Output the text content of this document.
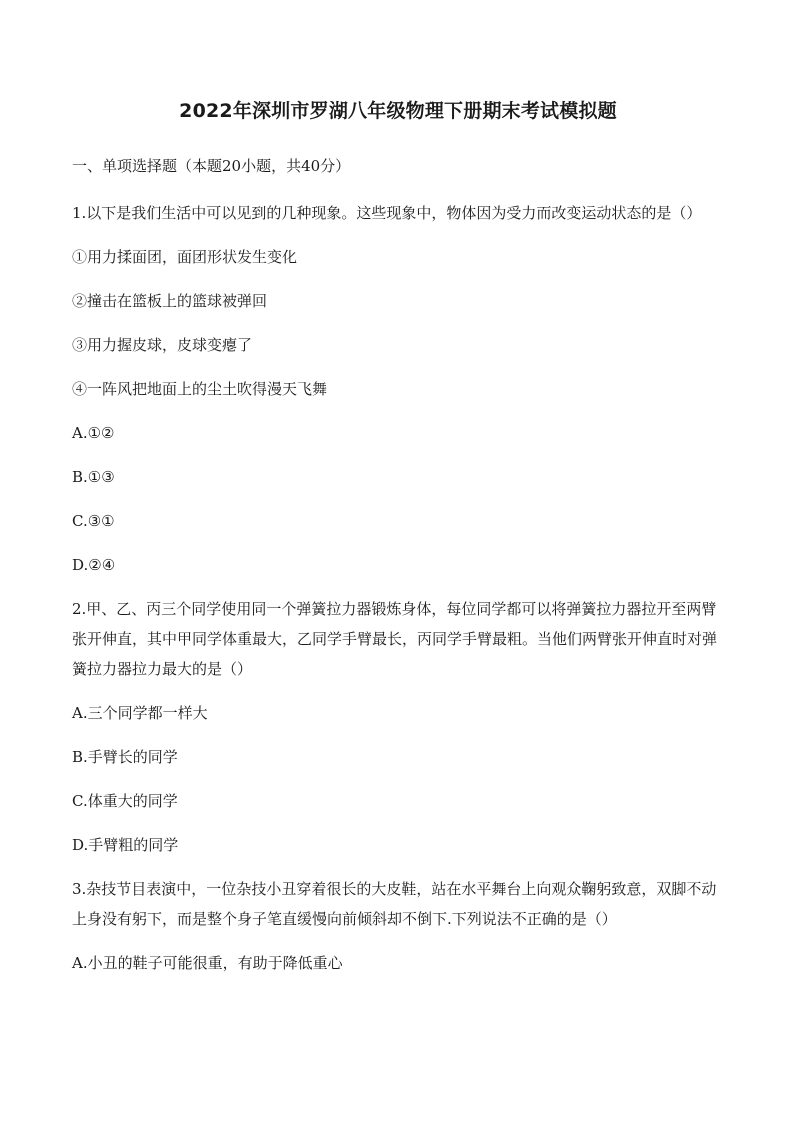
2022年深圳市罗湖八年级物理下册期末考试模拟题
一、单项选择题（本题20小题，共40分）
1.以下是我们生活中可以见到的几种现象。这些现象中，物体因为受力而改变运动状态的是（）
①用力揉面团，面团形状发生变化
②撞击在篮板上的篮球被弹回
③用力握皮球，皮球变瘪了
④一阵风把地面上的尘土吹得漫天飞舞
A.①②
B.①③
C.③①
D.②④
2.甲、乙、丙三个同学使用同一个弹簧拉力器锻炼身体，每位同学都可以将弹簧拉力器拉开至两臂张开伸直，其中甲同学体重最大，乙同学手臂最长，丙同学手臂最粗。当他们两臂张开伸直时对弹簧拉力器拉力最大的是（）
A.三个同学都一样大
B.手臂长的同学
C.体重大的同学
D.手臂粗的同学
3.杂技节目表演中，一位杂技小丑穿着很长的大皮鞋，站在水平舞台上向观众鞠躬致意，双脚不动上身没有躬下，而是整个身子笔直缓慢向前倾斜却不倒下.下列说法不正确的是（）
A.小丑的鞋子可能很重，有助于降低重心
